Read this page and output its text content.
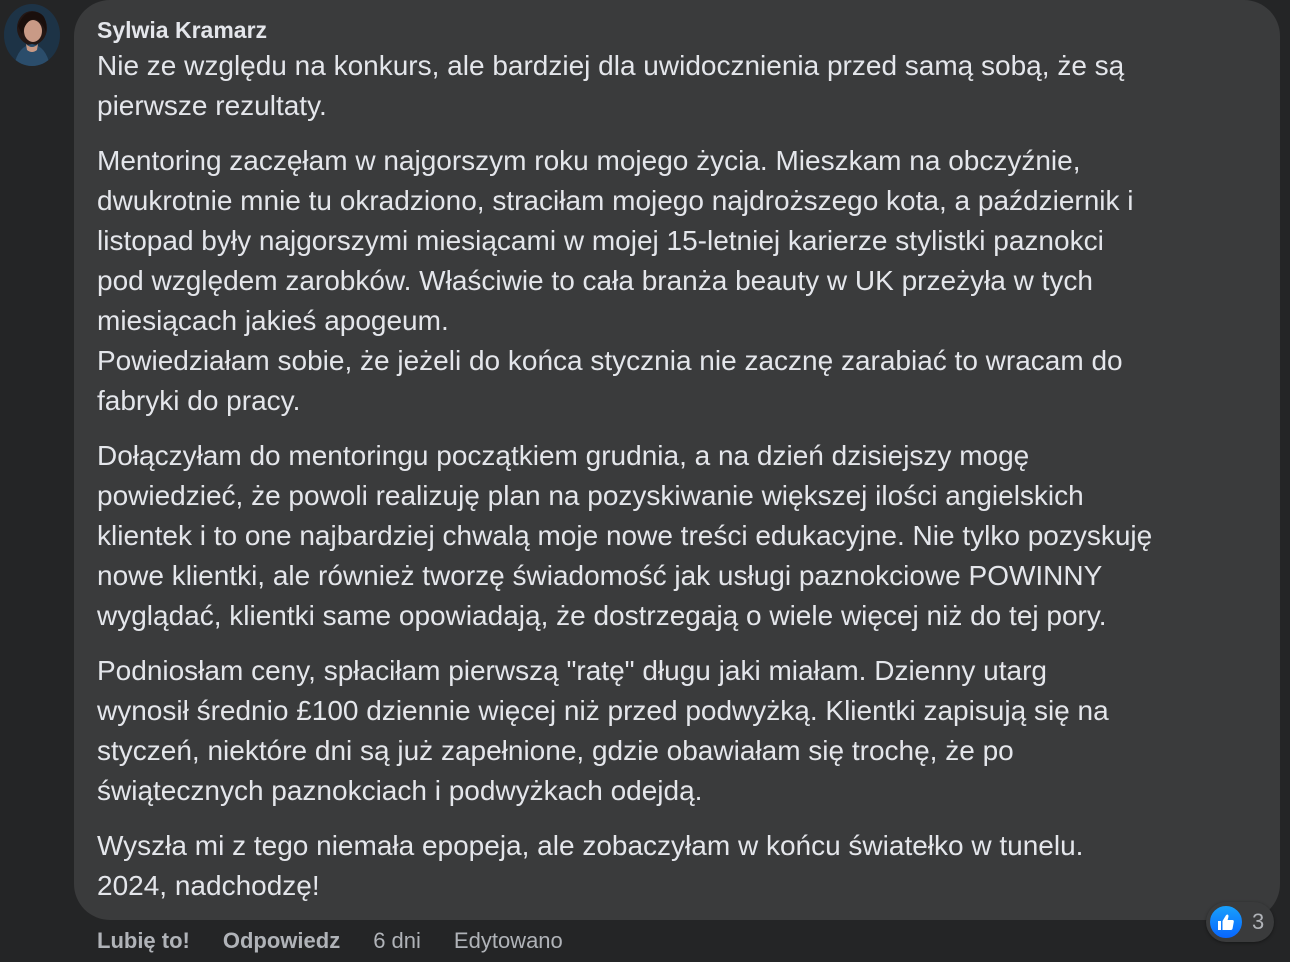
Sylwia Kramarz

Nie ze względu na konkurs, ale bardziej dla uwidocznienia przed samą sobą, że są
pierwsze rezultaty.

Mentoring zaczęłam w najgorszym roku mojego życia. Mieszkam na obczyźnie,
dwukrotnie mnie tu okradziono, straciłam mojego najdroższego kota, a październik i
listopad były najgorszymi miesiącami w mojej 15-letniej karierze stylistki paznokci
pod względem zarobków. Właściwie to cała branża beauty w UK przeżyła w tych
miesiącach jakieś apogeum.
Powiedziałam sobie, że jeżeli do końca stycznia nie zacznę zarabiać to wracam do
fabryki do pracy.

Dołączyłam do mentoringu początkiem grudnia, a na dzień dzisiejszy mogę
powiedzieć, że powoli realizuję plan na pozyskiwanie większej ilości angielskich
klientek i to one najbardziej chwalą moje nowe treści edukacyjne. Nie tylko pozyskuję
nowe klientki, ale również tworzę świadomość jak usługi paznokciowe POWINNY
wyglądać, klientki same opowiadają, że dostrzegają o wiele więcej niż do tej pory.

Podniosłam ceny, spłaciłam pierwszą "ratę" długu jaki miałam. Dzienny utarg
wynosił średnio £100 dziennie więcej niż przed podwyżką. Klientki zapisują się na
styczeń, niektóre dni są już zapełnione, gdzie obawiałam się trochę, że po
świątecznych paznokciach i podwyżkach odejdą.

Wyszła mi z tego niemała epopeja, ale zobaczyłam w końcu światełko w tunelu.
2024, nadchodzę!

3
Lubię to! Odpowiedz 6 dni Edytowano
